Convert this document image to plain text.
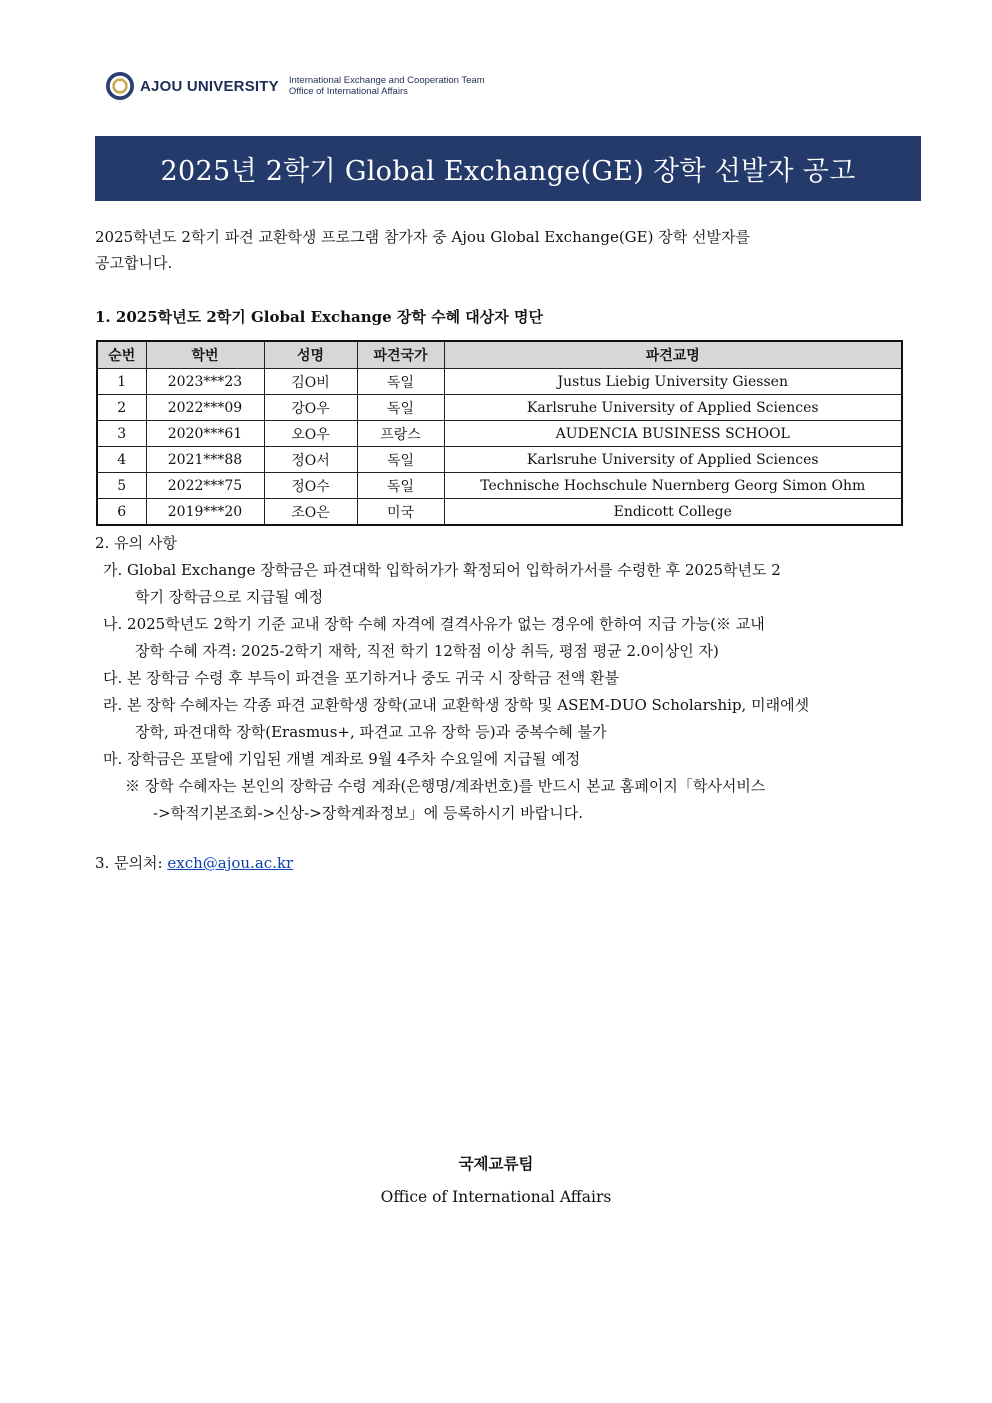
AJOU UNIVERSITY International Exchange and Cooperation Team
Office of International Affairs
2025년 2학기 Global Exchange(GE) 장학 선발자 공고
2025학년도 2학기 파견 교환학생 프로그램 참가자 중 Ajou Global Exchange(GE) 장학 선발자를
공고합니다.
1. 2025학년도 2학기 Global Exchange 장학 수혜 대상자 명단
순번	학번	성명	파견국가	파견교명
1	2023***23	김O비	독일	Justus Liebig University Giessen
2	2022***09	강O우	독일	Karlsruhe University of Applied Sciences
3	2020***61	오O우	프랑스	AUDENCIA BUSINESS SCHOOL
4	2021***88	정O서	독일	Karlsruhe University of Applied Sciences
5	2022***75	정O수	독일	Technische Hochschule Nuernberg Georg Simon Ohm
6	2019***20	조O은	미국	Endicott College
2. 유의 사항
가. Global Exchange 장학금은 파견대학 입학허가가 확정되어 입학허가서를 수령한 후 2025학년도 2
학기 장학금으로 지급될 예정
나. 2025학년도 2학기 기준 교내 장학 수혜 자격에 결격사유가 없는 경우에 한하여 지급 가능(※ 교내
장학 수혜 자격: 2025-2학기 재학, 직전 학기 12학점 이상 취득, 평점 평균 2.0이상인 자)
다. 본 장학금 수령 후 부득이 파견을 포기하거나 중도 귀국 시 장학금 전액 환불
라. 본 장학 수혜자는 각종 파견 교환학생 장학(교내 교환학생 장학 및 ASEM-DUO Scholarship, 미래에셋
장학, 파견대학 장학(Erasmus+, 파견교 고유 장학 등)과 중복수혜 불가
마. 장학금은 포탈에 기입된 개별 계좌로 9월 4주차 수요일에 지급될 예정
※ 장학 수혜자는 본인의 장학금 수령 계좌(은행명/계좌번호)를 반드시 본교 홈페이지「학사서비스
->학적기본조회->신상->장학계좌정보」에 등록하시기 바랍니다.
3. 문의처: exch@ajou.ac.kr
국제교류팀
Office of International Affairs
